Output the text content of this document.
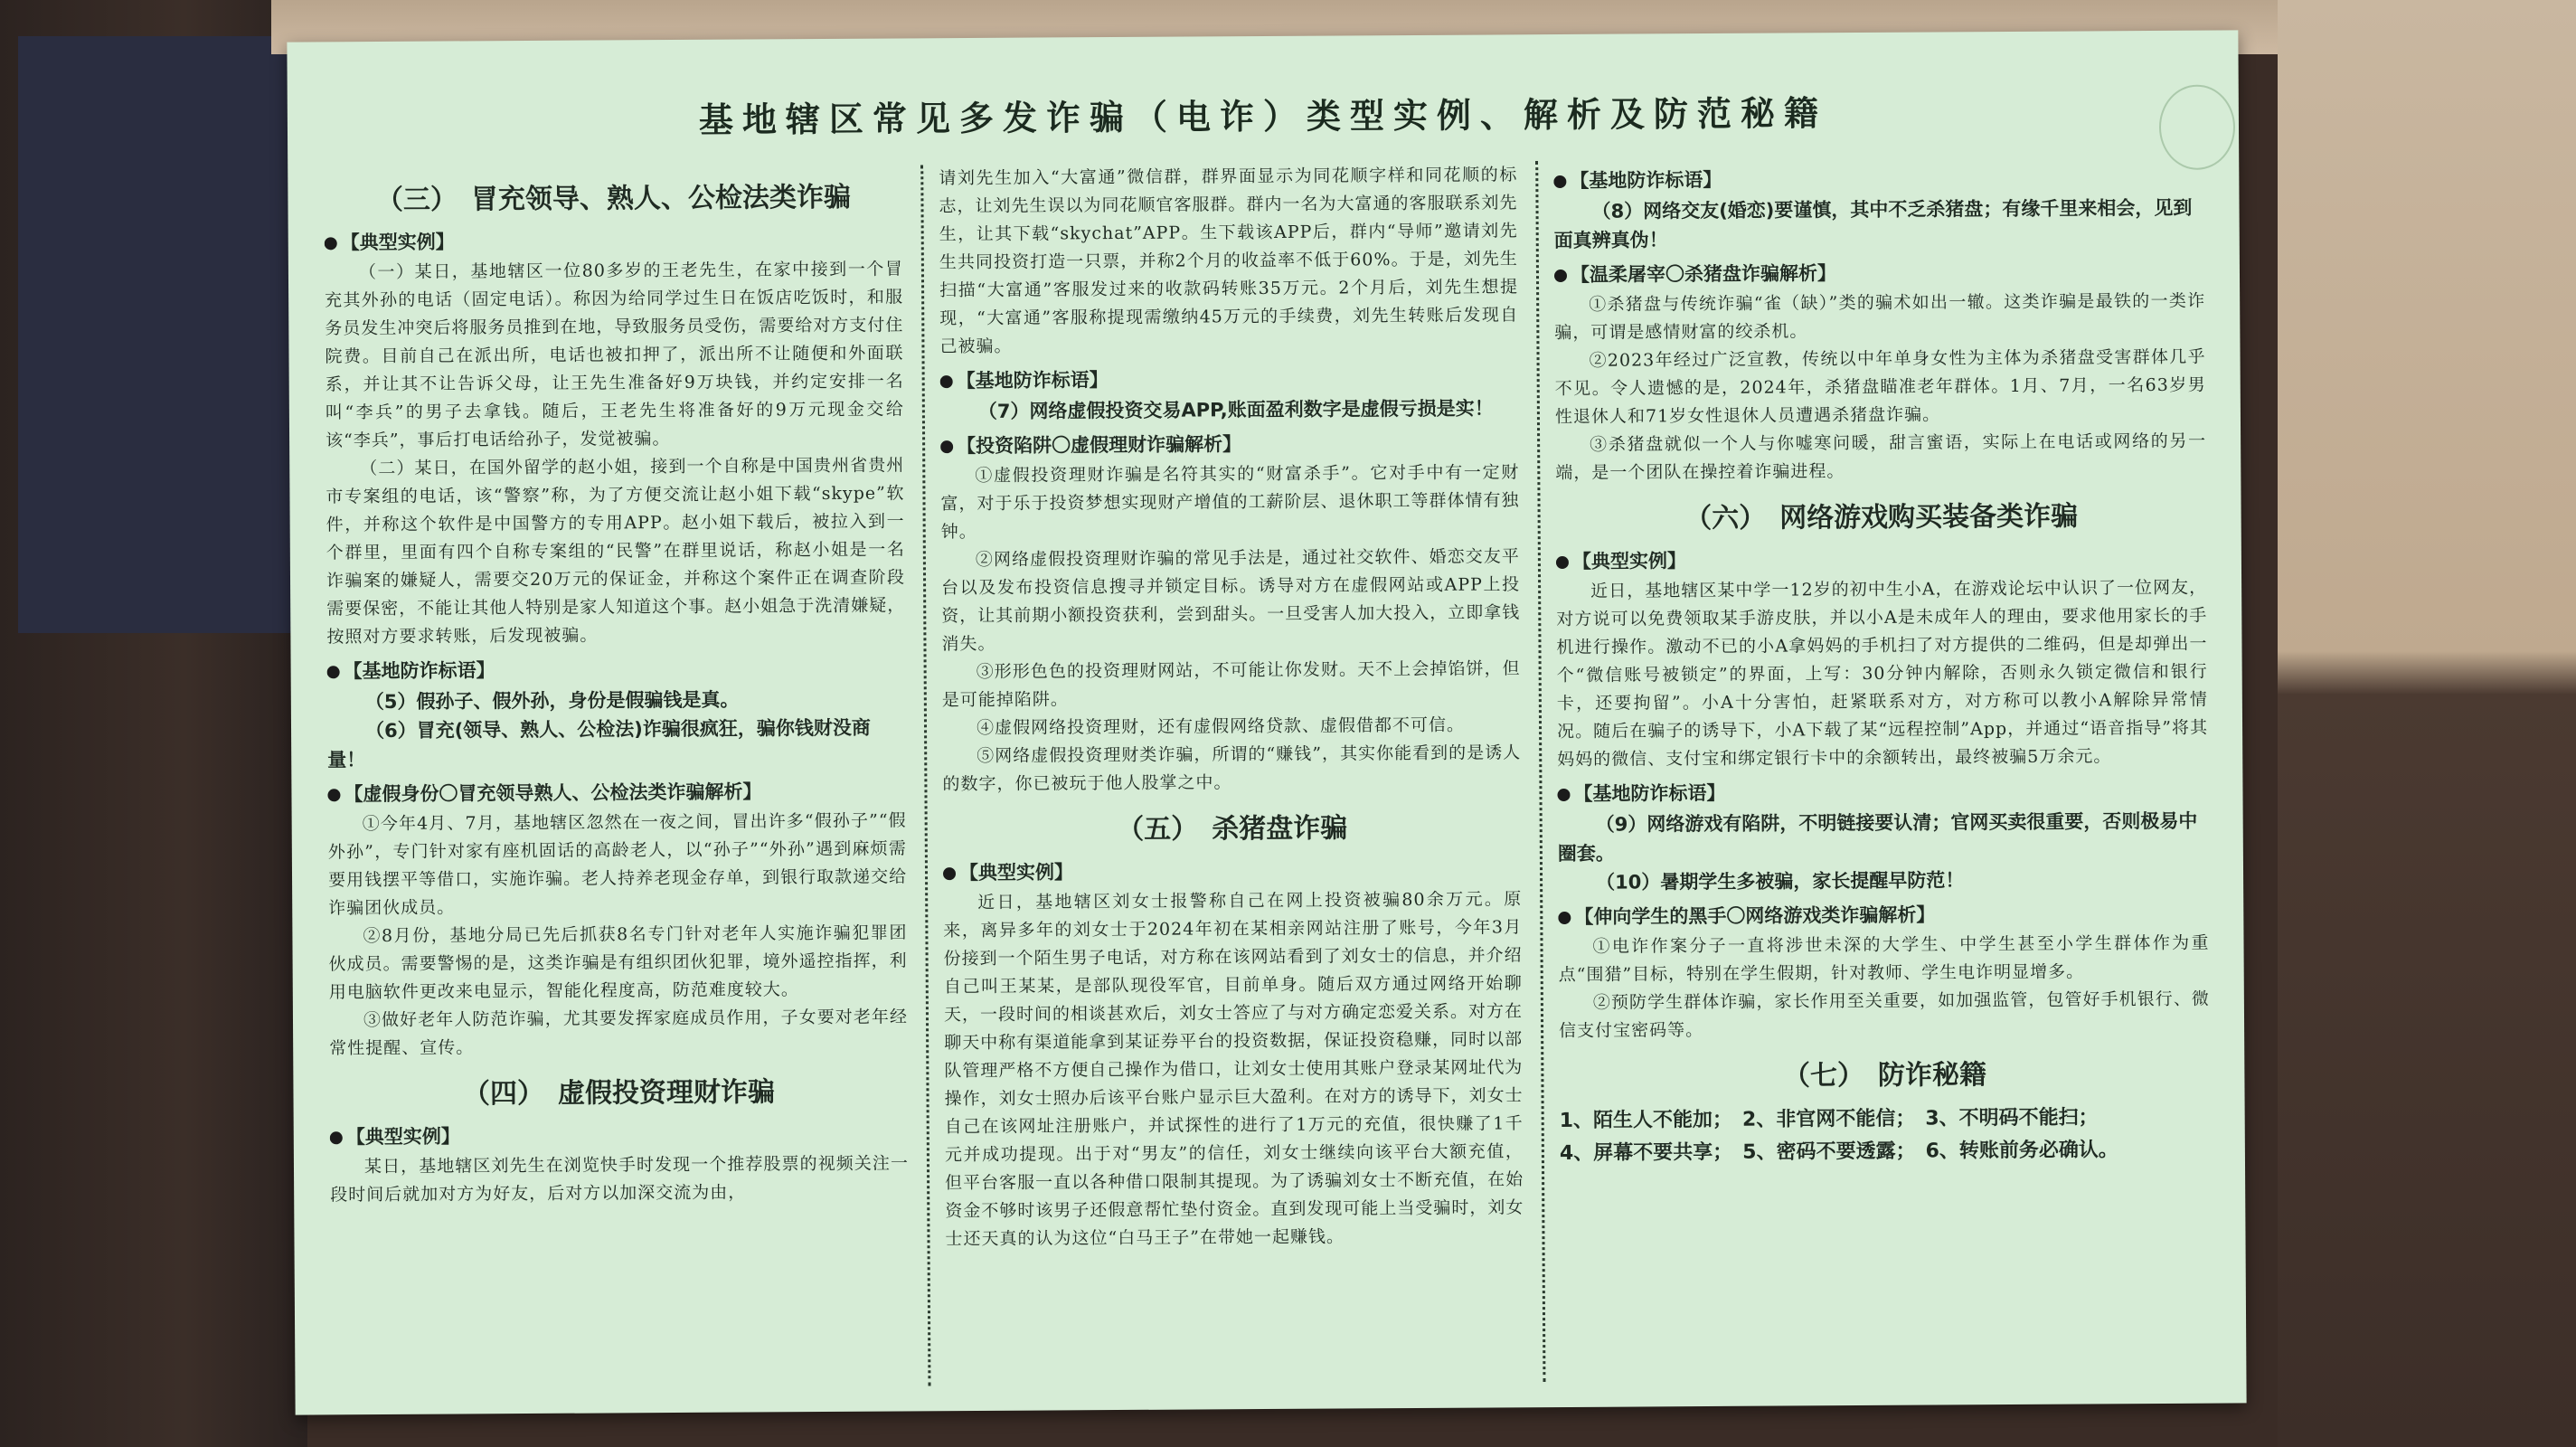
基地辖区常见多发诈骗（电诈）类型实例、解析及防范秘籍
（三）　冒充领导、熟人、公检法类诈骗
【典型实例】

（一）某日，基地辖区一位80多岁的王老先生，在家中接到一个冒充其外孙的电话（固定电话）。称因为给同学过生日在饭店吃饭时，和服务员发生冲突后将服务员推到在地，导致服务员受伤，需要给对方支付住院费。目前自己在派出所，电话也被扣押了，派出所不让随便和外面联系，并让其不让告诉父母，让王先生准备好9万块钱，并约定安排一名叫“李兵”的男子去拿钱。随后，王老先生将准备好的9万元现金交给该“李兵”，事后打电话给孙子，发觉被骗。

（二）某日，在国外留学的赵小姐，接到一个自称是中国贵州省贵州市专案组的电话，该“警察”称，为了方便交流让赵小姐下载“skype”软件，并称这个软件是中国警方的专用APP。赵小姐下载后，被拉入到一个群里，里面有四个自称专案组的“民警”在群里说话，称赵小姐是一名诈骗案的嫌疑人，需要交20万元的保证金，并称这个案件正在调查阶段需要保密，不能让其他人特别是家人知道这个事。赵小姐急于洗清嫌疑，按照对方要求转账，后发现被骗。

【基地防诈标语】

（5）假孙子、假外孙，身份是假骗钱是真。

（6）冒充(领导、熟人、公检法)诈骗很疯狂，骗你钱财没商量！

【虚假身份〇冒充领导熟人、公检法类诈骗解析】

①今年4月、7月，基地辖区忽然在一夜之间，冒出许多“假孙子”“假外孙”，专门针对家有座机固话的高龄老人，以“孙子”“外孙”遇到麻烦需要用钱摆平等借口，实施诈骗。老人持养老现金存单，到银行取款递交给诈骗团伙成员。

②8月份，基地分局已先后抓获8名专门针对老年人实施诈骗犯罪团伙成员。需要警惕的是，这类诈骗是有组织团伙犯罪，境外遥控指挥，利用电脑软件更改来电显示，智能化程度高，防范难度较大。

③做好老年人防范诈骗，尤其要发挥家庭成员作用，子女要对老年经常性提醒、宣传。

（四）　虚假投资理财诈骗
【典型实例】

某日，基地辖区刘先生在浏览快手时发现一个推荐股票的视频关注一段时间后就加对方为好友，后对方以加深交流为由，

请刘先生加入“大富通”微信群，群界面显示为同花顺字样和同花顺的标志，让刘先生误以为同花顺官客服群。群内一名为大富通的客服联系刘先生，让其下载“skychat”APP。生下载该APP后，群内“导师”邀请刘先生共同投资打造一只票，并称2个月的收益率不低于60%。于是，刘先生扫描“大富通”客服发过来的收款码转账35万元。2个月后，刘先生想提现，“大富通”客服称提现需缴纳45万元的手续费，刘先生转账后发现自己被骗。

【基地防诈标语】

（7）网络虚假投资交易APP,账面盈利数字是虚假亏损是实！

【投资陷阱〇虚假理财诈骗解析】

①虚假投资理财诈骗是名符其实的“财富杀手”。它对手中有一定财富，对于乐于投资梦想实现财产增值的工薪阶层、退休职工等群体情有独钟。

②网络虚假投资理财诈骗的常见手法是，通过社交软件、婚恋交友平台以及发布投资信息搜寻并锁定目标。诱导对方在虚假网站或APP上投资，让其前期小额投资获利，尝到甜头。一旦受害人加大投入，立即拿钱消失。

③形形色色的投资理财网站，不可能让你发财。天不上会掉馅饼，但是可能掉陷阱。

④虚假网络投资理财，还有虚假网络贷款、虚假借都不可信。

⑤网络虚假投资理财类诈骗，所谓的“赚钱”，其实你能看到的是诱人的数字，你已被玩于他人股掌之中。

（五）　杀猪盘诈骗
【典型实例】

近日，基地辖区刘女士报警称自己在网上投资被骗80余万元。原来，离异多年的刘女士于2024年初在某相亲网站注册了账号，今年3月份接到一个陌生男子电话，对方称在该网站看到了刘女士的信息，并介绍自己叫王某某，是部队现役军官，目前单身。随后双方通过网络开始聊天，一段时间的相谈甚欢后，刘女士答应了与对方确定恋爱关系。对方在聊天中称有渠道能拿到某证券平台的投资数据，保证投资稳赚，同时以部队管理严格不方便自己操作为借口，让刘女士使用其账户登录某网址代为操作，刘女士照办后该平台账户显示巨大盈利。在对方的诱导下，刘女士自己在该网址注册账户，并试探性的进行了1万元的充值，很快赚了1千元并成功提现。出于对“男友”的信任，刘女士继续向该平台大额充值，但平台客服一直以各种借口限制其提现。为了诱骗刘女士不断充值，在始资金不够时该男子还假意帮忙垫付资金。直到发现可能上当受骗时，刘女士还天真的认为这位“白马王子”在带她一起赚钱。

【基地防诈标语】

（8）网络交友(婚恋)要谨慎，其中不乏杀猪盘；有缘千里来相会，见到面真辨真伪！

【温柔屠宰〇杀猪盘诈骗解析】

①杀猪盘与传统诈骗“雀（缺）”类的骗术如出一辙。这类诈骗是最铁的一类诈骗，可谓是感情财富的绞杀机。

②2023年经过广泛宣教，传统以中年单身女性为主体为杀猪盘受害群体几乎不见。令人遗憾的是，2024年，杀猪盘瞄准老年群体。1月、7月，一名63岁男性退休人和71岁女性退休人员遭遇杀猪盘诈骗。

③杀猪盘就似一个人与你嘘寒问暖，甜言蜜语，实际上在电话或网络的另一端，是一个团队在操控着诈骗进程。

（六）　网络游戏购买装备类诈骗
【典型实例】

近日，基地辖区某中学一12岁的初中生小A，在游戏论坛中认识了一位网友，对方说可以免费领取某手游皮肤，并以小A是未成年人的理由，要求他用家长的手机进行操作。激动不已的小A拿妈妈的手机扫了对方提供的二维码，但是却弹出一个“微信账号被锁定”的界面，上写：30分钟内解除，否则永久锁定微信和银行卡，还要拘留”。小A十分害怕，赶紧联系对方，对方称可以教小A解除异常情况。随后在骗子的诱导下，小A下载了某“远程控制”App，并通过“语音指导”将其妈妈的微信、支付宝和绑定银行卡中的余额转出，最终被骗5万余元。

【基地防诈标语】

（9）网络游戏有陷阱，不明链接要认清；官网买卖很重要，否则极易中圈套。

（10）暑期学生多被骗，家长提醒早防范！

【伸向学生的黑手〇网络游戏类诈骗解析】

①电诈作案分子一直将涉世未深的大学生、中学生甚至小学生群体作为重点“围猎”目标，特别在学生假期，针对教师、学生电诈明显增多。

②预防学生群体诈骗，家长作用至关重要，如加强监管，包管好手机银行、微信支付宝密码等。

（七）　防诈秘籍
1、陌生人不能加；　2、非官网不能信；　3、不明码不能扫；
4、屏幕不要共享；　5、密码不要透露；　6、转账前务必确认。
